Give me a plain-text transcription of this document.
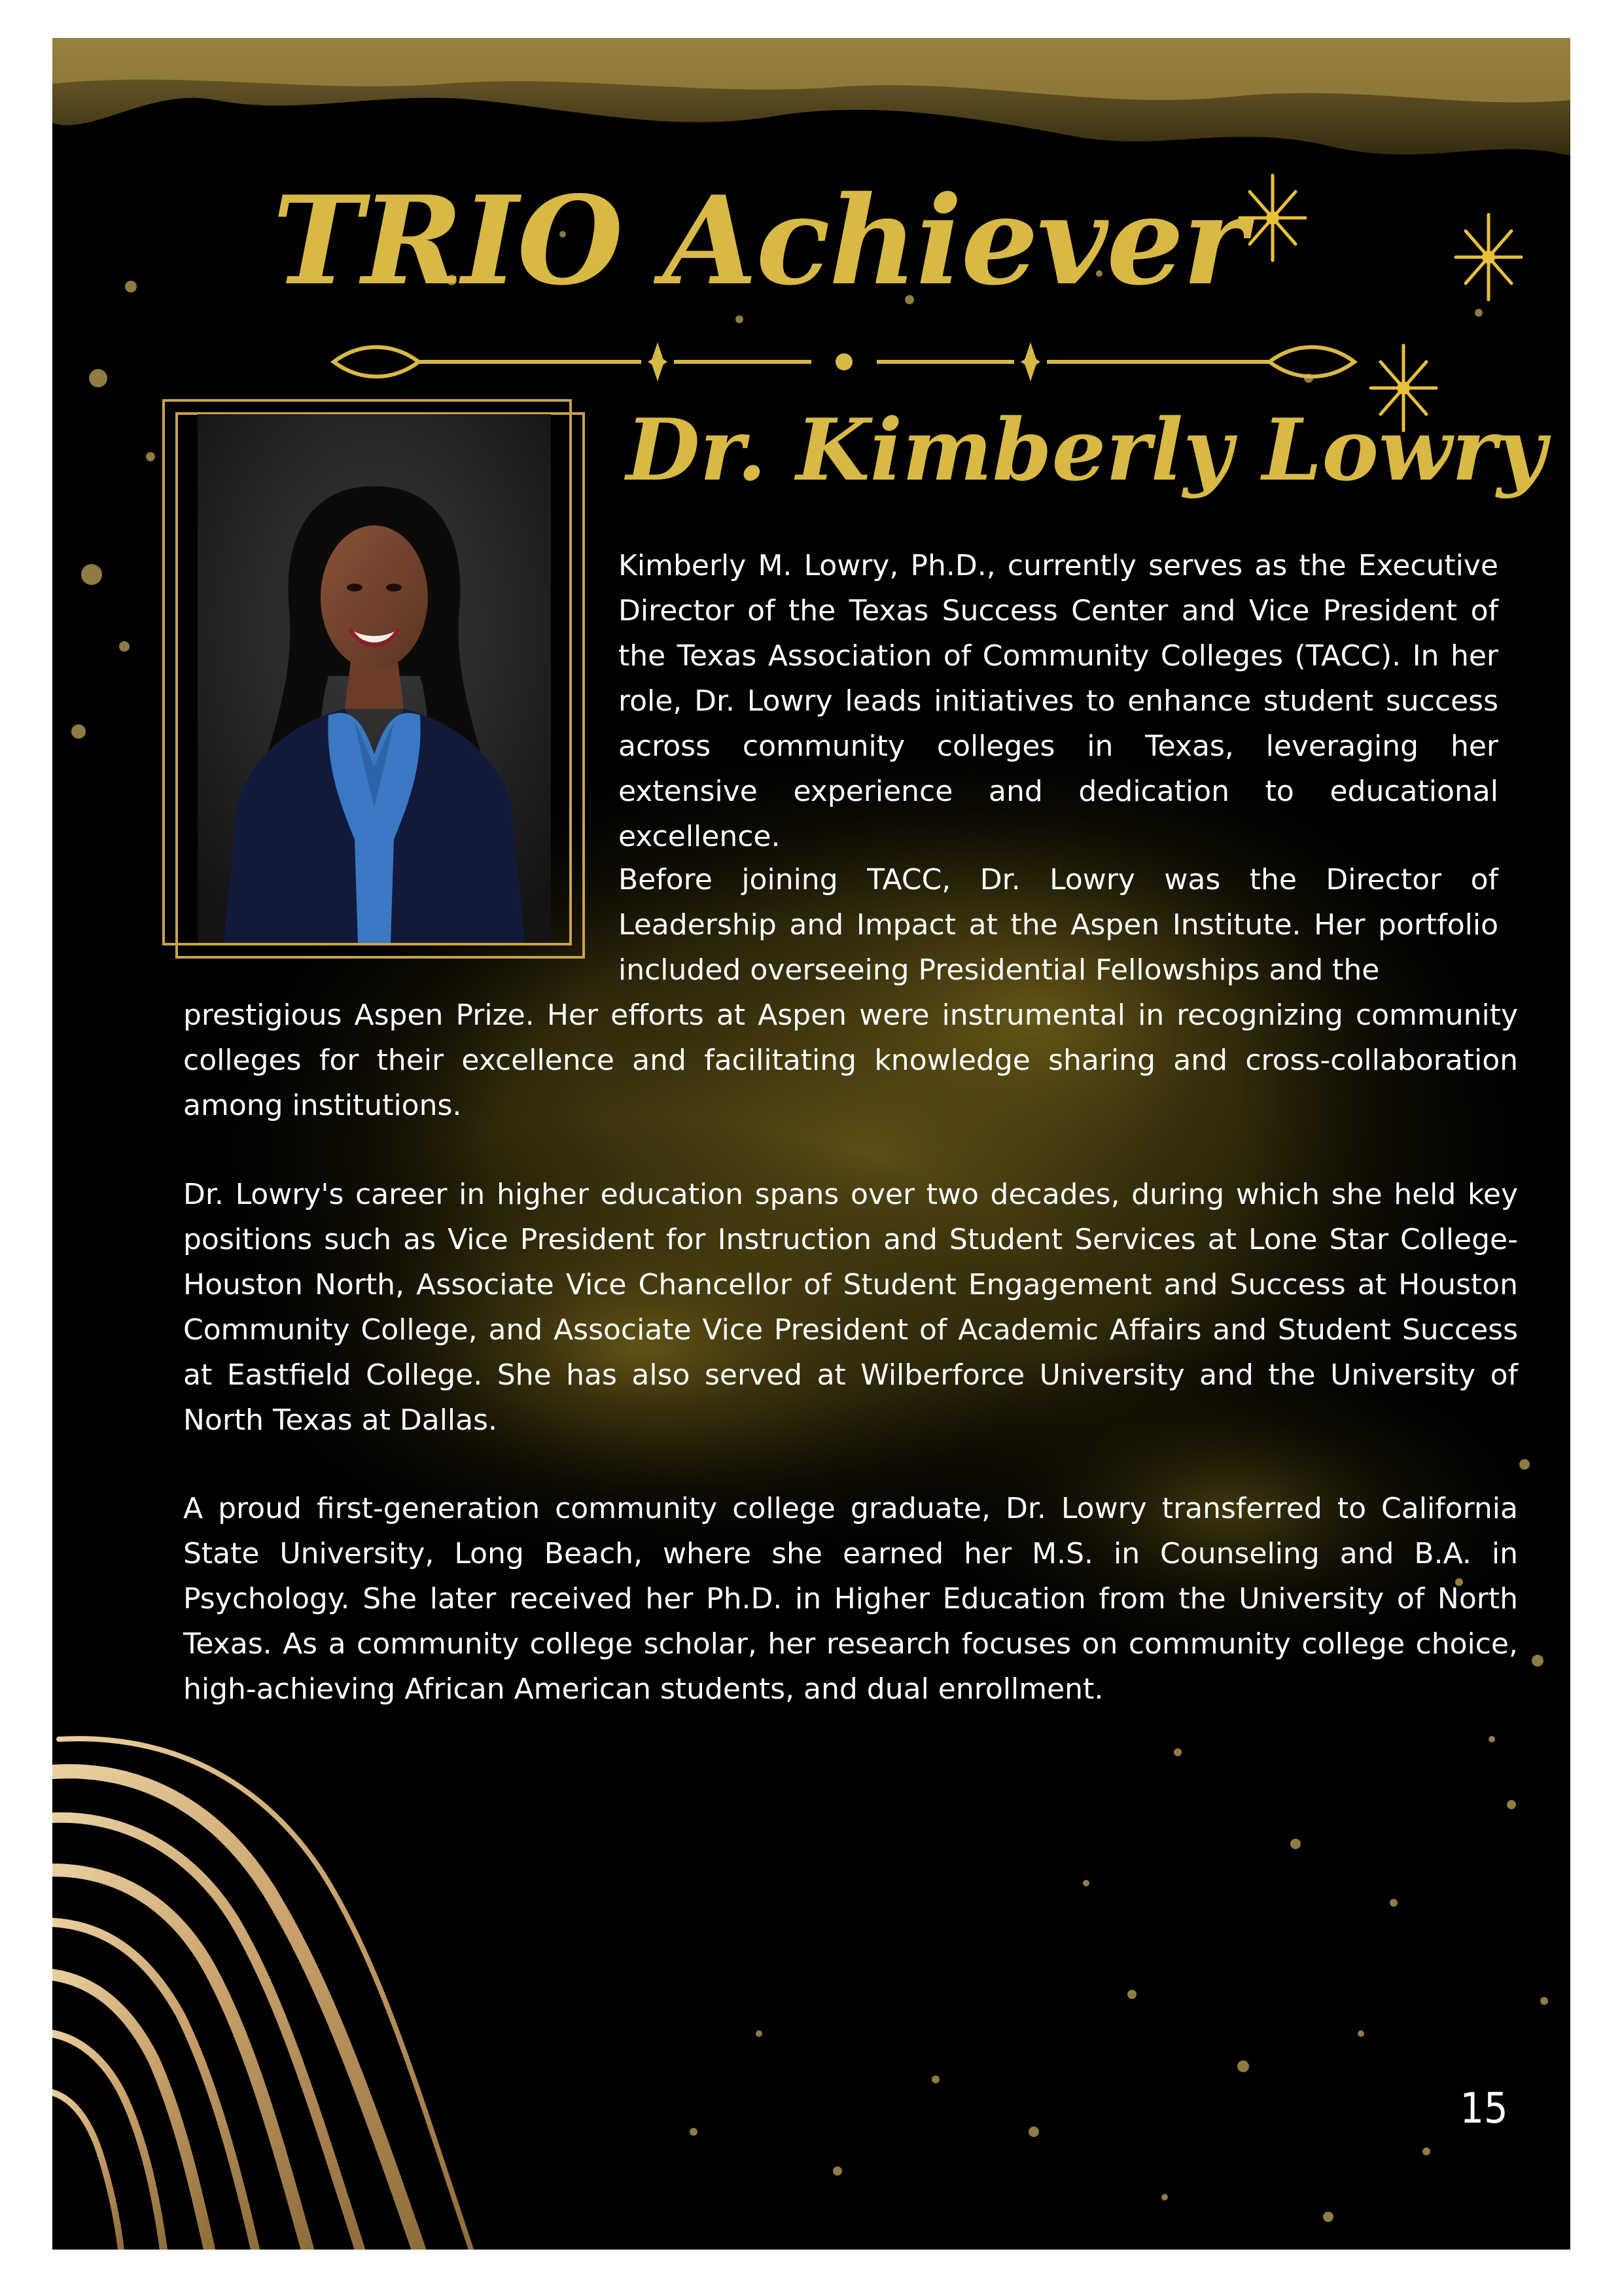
TRIO Achiever
Dr. Kimberly Lowry

Kimberly M. Lowry, Ph.D., currently serves as the Executive Director of the Texas Success Center and Vice President of the Texas Association of Community Colleges (TACC). In her role, Dr. Lowry leads initiatives to enhance student success across community colleges in Texas, leveraging her extensive experience and dedication to educational excellence.

Before joining TACC, Dr. Lowry was the Director of Leadership and Impact at the Aspen Institute. Her portfolio included overseeing Presidential Fellowships and the

prestigious Aspen Prize. Her efforts at Aspen were instrumental in recognizing community colleges for their excellence and facilitating knowledge sharing and cross-collaboration among institutions.

Dr. Lowry's career in higher education spans over two decades, during which she held key positions such as Vice President for Instruction and Student Services at Lone Star College-Houston North, Associate Vice Chancellor of Student Engagement and Success at Houston Community College, and Associate Vice President of Academic Affairs and Student Success at Eastfield College. She has also served at Wilberforce University and the University of North Texas at Dallas.

A proud first-generation community college graduate, Dr. Lowry transferred to California State University, Long Beach, where she earned her M.S. in Counseling and B.A. in Psychology. She later received her Ph.D. in Higher Education from the University of North Texas. As a community college scholar, her research focuses on community college choice, high-achieving African American students, and dual enrollment.

15
